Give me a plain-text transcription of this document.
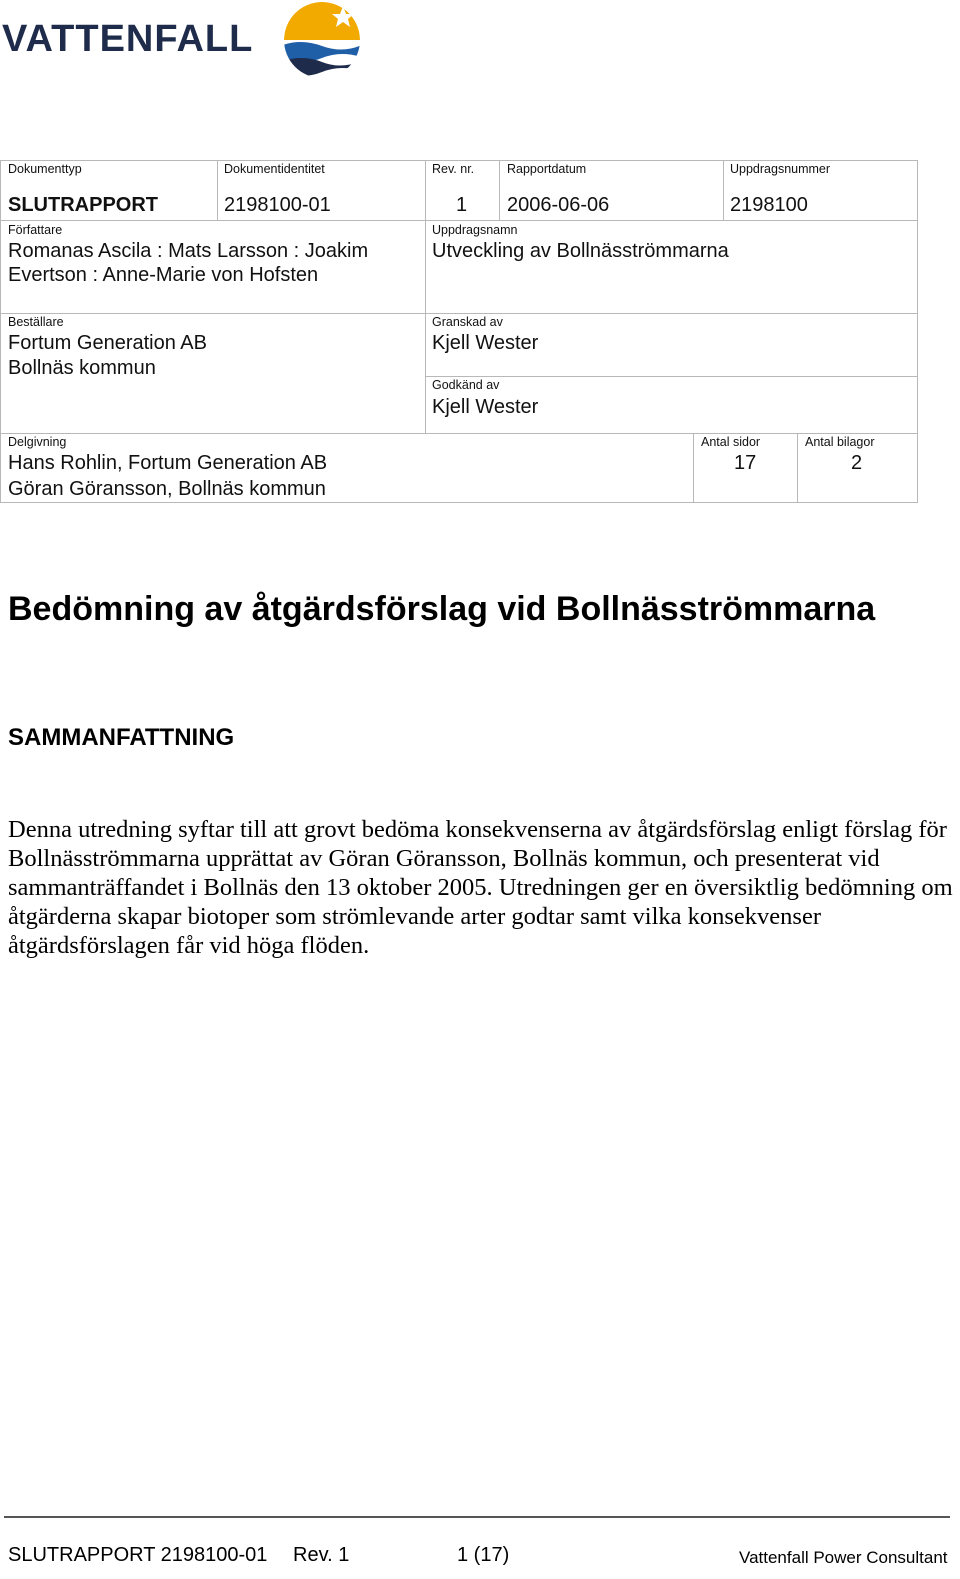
VATTENFALL
Dokumenttyp
SLUTRAPPORT
Dokumentidentitet
2198100-01
Rev. nr.
1
Rapportdatum
2006-06-06
Uppdragsnummer
2198100
Författare
Romanas Ascila : Mats Larsson : Joakim
Evertson : Anne-Marie von Hofsten
Uppdragsnamn
Utveckling av Bollnäsströmmarna
Beställare
Fortum Generation AB
Bollnäs kommun
Granskad av
Kjell Wester
Godkänd av
Kjell Wester
Delgivning
Hans Rohlin, Fortum Generation AB
Göran Göransson, Bollnäs kommun
Antal sidor
17
Antal bilagor
2
Bedömning av åtgärdsförslag vid Bollnäsströmmarna
SAMMANFATTNING

Denna utredning syftar till att grovt bedöma konsekvenserna av åtgärdsförslag enligt förslag för Bollnäsströmmarna upprättat av Göran Göransson, Bollnäs kommun, och presenterat vid sammanträffandet i Bollnäs den 13 oktober 2005. Utredningen ger en översiktlig bedömning om åtgärderna skapar biotoper som strömlevande arter godtar samt vilka konsekvenser åtgärdsförslagen får vid höga flöden.

SLUTRAPPORT 2198100-01 Rev. 1	1 (17)	Vattenfall Power Consultant
